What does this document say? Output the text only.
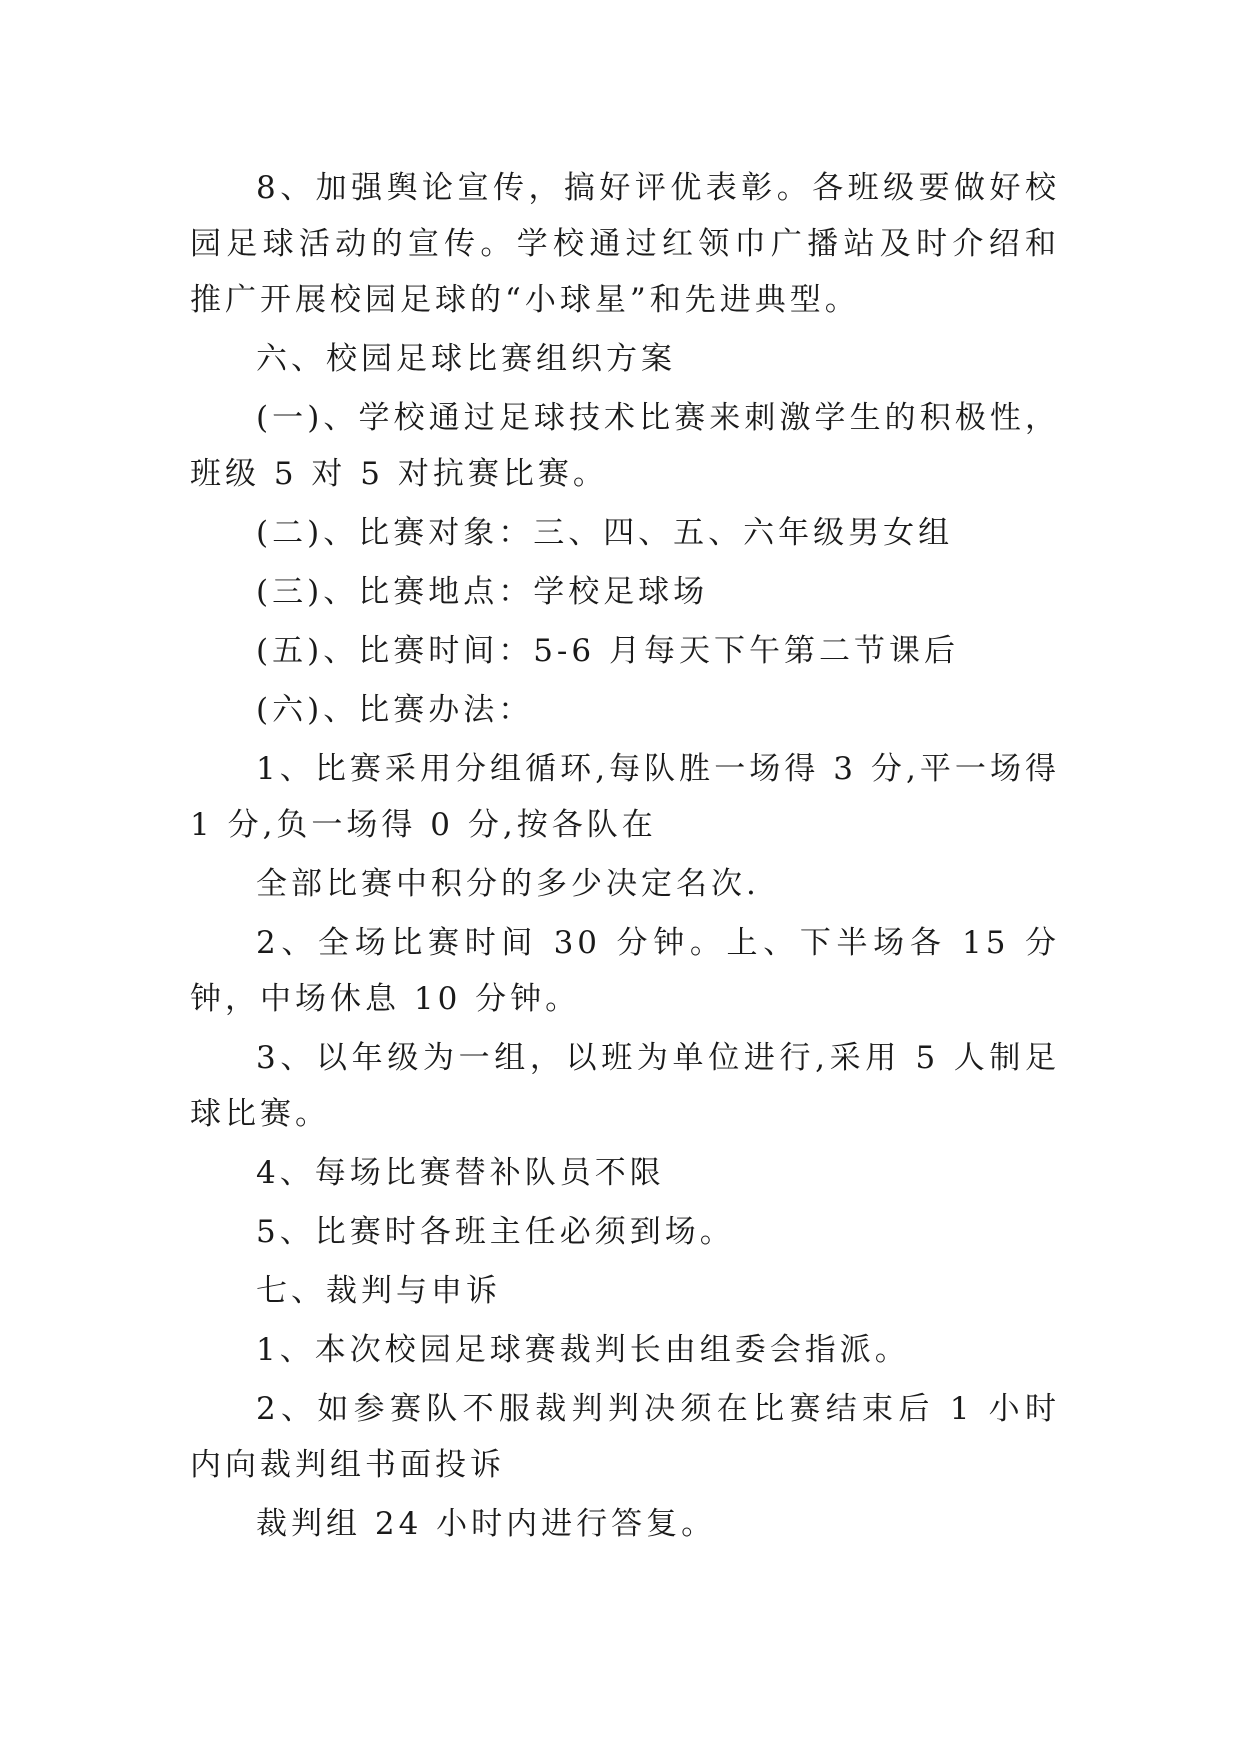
8、加强舆论宣传，搞好评优表彰。各班级要做好校园足球活动的宣传。学校通过红领巾广播站及时介绍和推广开展校园足球的“小球星”和先进典型。

六、校园足球比赛组织方案

(一)、学校通过足球技术比赛来刺激学生的积极性，班级 5 对 5 对抗赛比赛。

(二)、比赛对象：三、四、五、六年级男女组

(三)、比赛地点：学校足球场

(五)、比赛时间：5-6 月每天下午第二节课后

(六)、比赛办法：

1、比赛采用分组循环,每队胜一场得 3 分,平一场得 1 分,负一场得 0 分,按各队在

全部比赛中积分的多少决定名次.

2、全场比赛时间 30 分钟。上、下半场各 15 分钟，中场休息 10 分钟。

3、以年级为一组，以班为单位进行,采用 5 人制足球比赛。

4、每场比赛替补队员不限

5、比赛时各班主任必须到场。

七、裁判与申诉

1、本次校园足球赛裁判长由组委会指派。

2、如参赛队不服裁判判决须在比赛结束后 1 小时内向裁判组书面投诉

裁判组 24 小时内进行答复。
